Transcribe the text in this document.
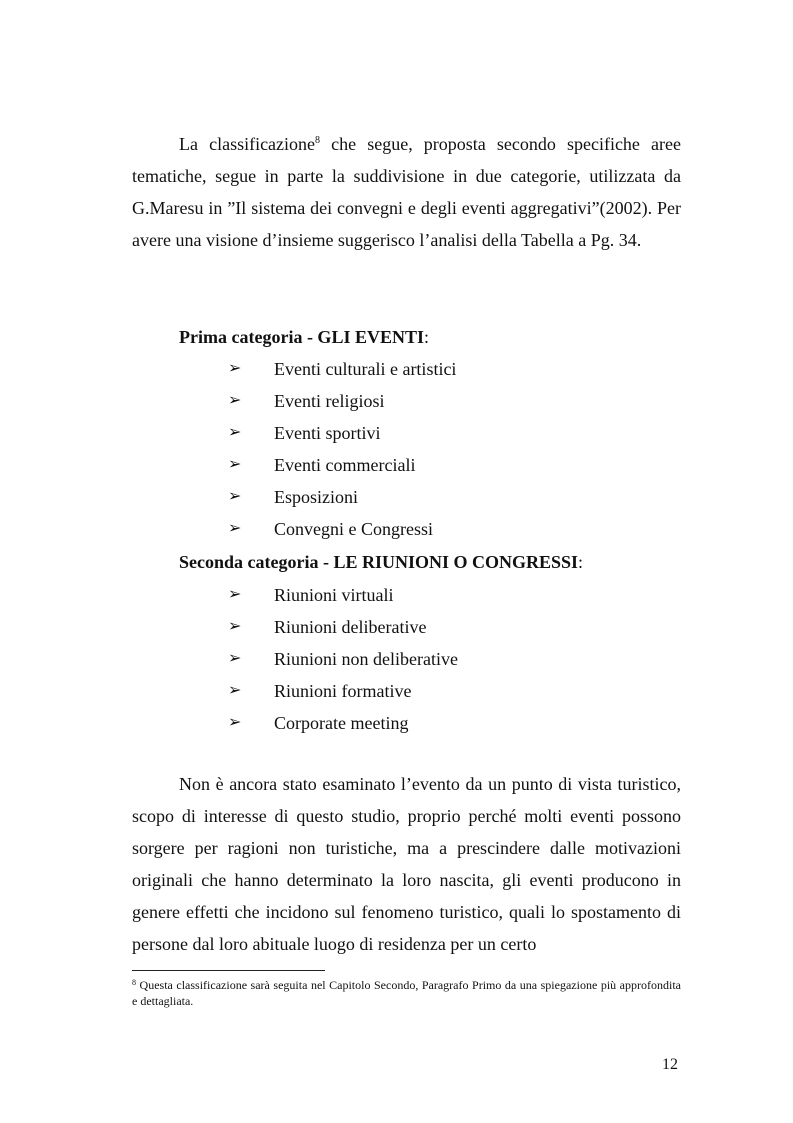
La classificazione$^8$ che segue, proposta secondo specifiche aree tematiche, segue in parte la suddivisione in due categorie, utilizzata da G.Maresu in ”Il sistema dei convegni e degli eventi aggregativi”(2002). Per avere una visione d’insieme suggerisco l’analisi della Tabella a Pg. 34.

Prima categoria - GLI EVENTI:
➢ Eventi culturali e artistici
➢ Eventi religiosi
➢ Eventi sportivi
➢ Eventi commerciali
➢ Esposizioni
➢ Convegni e Congressi
Seconda categoria - LE RIUNIONI O CONGRESSI:
➢ Riunioni virtuali
➢ Riunioni deliberative
➢ Riunioni non deliberative
➢ Riunioni formative
➢ Corporate meeting

Non è ancora stato esaminato l’evento da un punto di vista turistico, scopo di interesse di questo studio, proprio perché molti eventi possono sorgere per ragioni non turistiche, ma a prescindere dalle motivazioni originali che hanno determinato la loro nascita, gli eventi producono in genere effetti che incidono sul fenomeno turistico, quali lo spostamento di persone dal loro abituale luogo di residenza per un certo

$^8$ Questa classificazione sarà seguita nel Capitolo Secondo, Paragrafo Primo da una spiegazione più approfondita e dettagliata.

12
